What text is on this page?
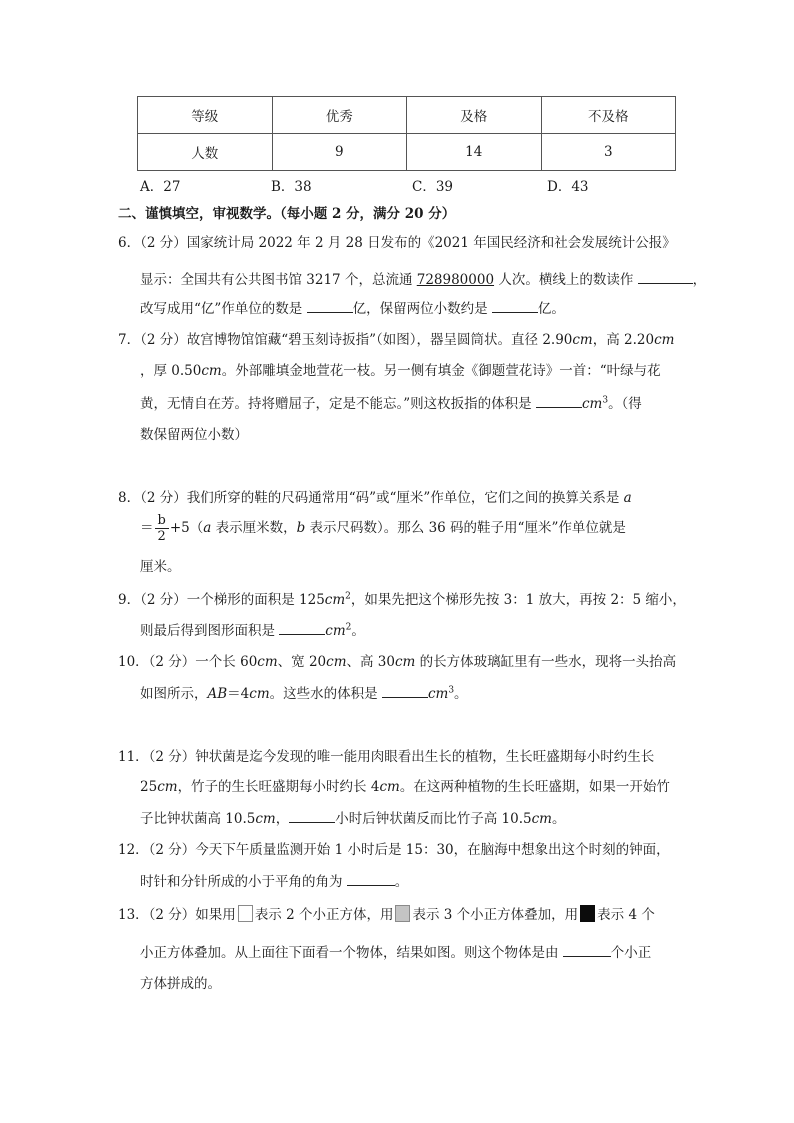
等级	优秀	及格	不及格
人数	9	14	3
A．27	B．38	C．39	D．43
二、谨慎填空，审视数学。（每小题 2 分，满分 20 分）
6．（2 分）国家统计局 2022 年 2 月 28 日发布的《2021 年国民经济和社会发展统计公报》
显示：全国共有公共图书馆 3217 个，总流通 728980000 人次。横线上的数读作	，
改写成用“亿”作单位的数是	亿，保留两位小数约是	亿。
7．（2 分）故宫博物馆馆藏“碧玉刻诗扳指”（如图），器呈圆筒状。直径 2.90cm，高 2.20cm
，厚 0.50cm。外部雕填金地萱花一枝。另一侧有填金《御题萱花诗》一首：“叶绿与花
黄，无情自在芳。持将赠屈子，定是不能忘。”则这枚扳指的体积是	$cm^3$。（得
数保留两位小数）
8．（2 分）我们所穿的鞋的尺码通常用“码”或“厘米”作单位，它们之间的换算关系是 a
＝ $\frac{b}{2} +5(a$ 表示厘米数，b 表示尺码数）。那么 36 码的鞋子用“厘米”作单位就是
厘米。
9．（2 分）一个梯形的面积是 $125cm^2$，如果先把这个梯形先按 3：1 放大，再按 2：5 缩小，
则最后得到图形面积是	$cm^2$。
10．（2 分）一个长 60cm、宽 20cm、高 30cm 的长方体玻璃缸里有一些水，现将一头抬高
如图所示，AB＝4cm。这些水的体积是	$cm^3$。
11．（2 分）钟状菌是迄今发现的唯一能用肉眼看出生长的植物，生长旺盛期每小时约生长
25cm，竹子的生长旺盛期每小时约长 4cm。在这两种植物的生长旺盛期，如果一开始竹
子比钟状菌高 10.5cm，	小时后钟状菌反而比竹子高 10.5cm。
12．（2 分）今天下午质量监测开始 1 小时后是 15：30，在脑海中想象出这个时刻的钟面，
时针和分针所成的小于平角的角为	。
13．（2 分）如果用 表示 2 个小正方体，用 表示 3 个小正方体叠加，用 表示 4 个
小正方体叠加。从上面往下面看一个物体，结果如图。则这个物体是由	个小正
方体拼成的。
